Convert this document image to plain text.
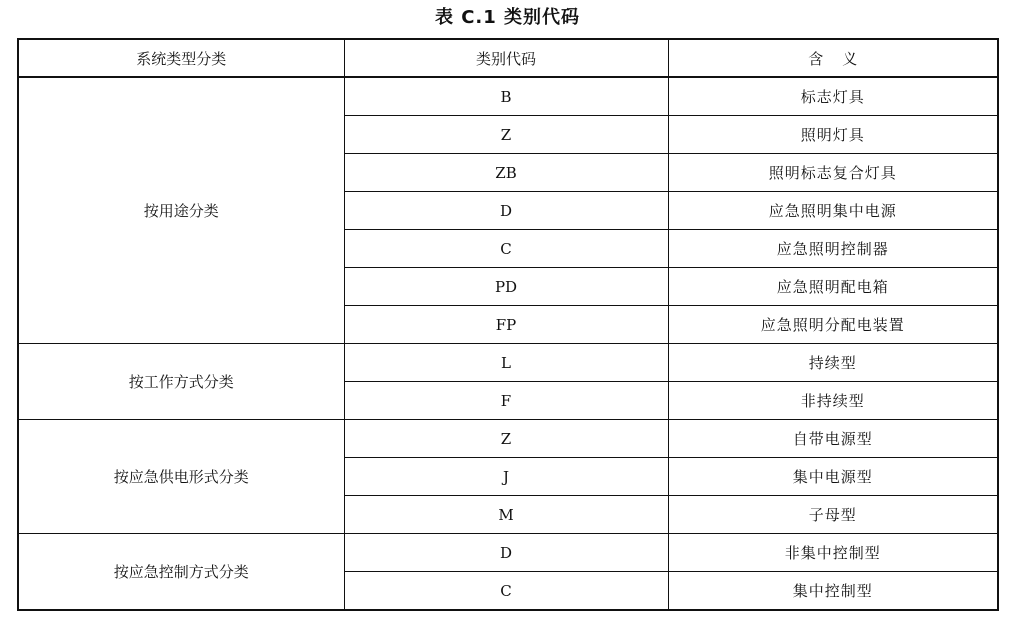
表 C.1 类别代码
系统类型分类	类别代码	含    义
按用途分类	B	标志灯具
	Z	照明灯具
	ZB	照明标志复合灯具
	D	应急照明集中电源
	C	应急照明控制器
	PD	应急照明配电箱
	FP	应急照明分配电装置
按工作方式分类	L	持续型
	F	非持续型
按应急供电形式分类	Z	自带电源型
	J	集中电源型
	M	子母型
按应急控制方式分类	D	非集中控制型
	C	集中控制型
